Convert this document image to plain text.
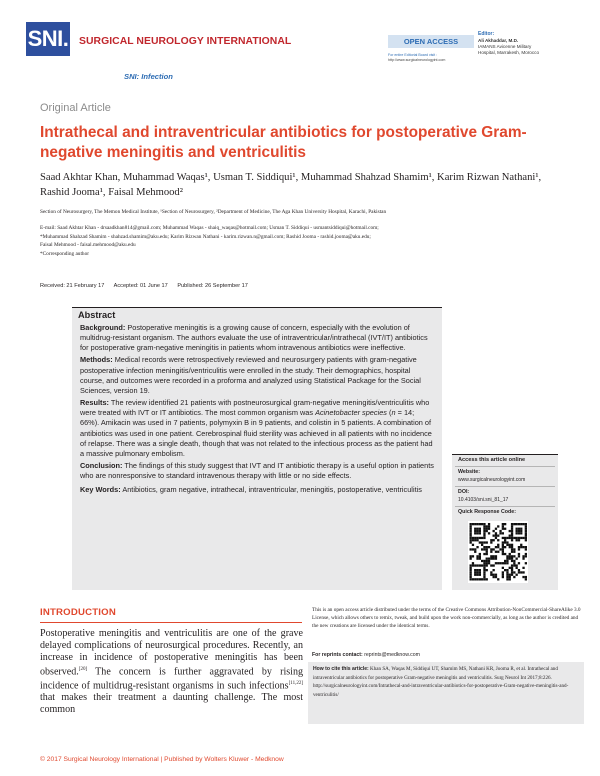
SNI. SURGICAL NEUROLOGY INTERNATIONAL	OPEN ACCESS
For entire Editorial Board visit :
http://www.surgicalneurologyint.com
Editor:
Ali Akhaddar, M.D.
IAMANS Avicenne Military
Hospital, Marrakesh, Morocco
SNI: Infection
Original Article
Intrathecal and intraventricular antibiotics for postoperative Gram-negative meningitis and ventriculitis
Saad Akhtar Khan, Muhammad Waqas¹, Usman T. Siddiqui¹, Muhammad Shahzad Shamim¹, Karim Rizwan Nathani¹, Rashid Jooma¹, Faisal Mehmood²
Section of Neurosurgery, The Memon Medical Institute, ¹Section of Neurosurgery, ²Department of Medicine, The Aga Khan University Hospital, Karachi, Pakistan
E-mail: Saad Akhtar Khan - drsaadkhan814@gmail.com; Muhammad Waqas - shaiq_waqas@hotmail.com; Usman T. Siddiqui - usmantsiddiqui@hotmail.com;
*Muhammad Shahzad Shamim - shahzad.shamim@aku.edu; Karim Rizwan Nathani - karim.rizwan.n@gmail.com; Rashid Jooma - rashid.jooma@aku.edu;
Faisal Mehmood - faisal.mehmood@aku.edu
*Corresponding author
Received: 21 February 17 Accepted: 01 June 17 Published: 26 September 17
Abstract

Background: Postoperative meningitis is a growing cause of concern, especially with the evolution of multidrug-resistant organism. The authors evaluate the use of intraventricular/intrathecal (IVT/IT) antibiotics for postoperative gram-negative meningitis in patients whom intravenous antibiotics were ineffective.

Methods: Medical records were retrospectively reviewed and neurosurgery patients with gram-negative postoperative infection meningitis/ventriculitis were enrolled in the study. Their demographics, hospital course, and outcomes were recorded in a proforma and analyzed using Statistical Package for the Social Sciences, version 19.

Results: The review identified 21 patients with postneurosurgical gram-negative meningitis/ventriculitis who were treated with IVT or IT antibiotics. The most common organism was Acinetobacter species (n = 14; 66%). Amikacin was used in 7 patients, polymyxin B in 9 patients, and colistin in 5 patients. A combination of antibiotics was used in one patient. Cerebrospinal fluid sterility was achieved in all patients with no incidence of relapse. There was a single death, though that was not related to the infectious process as the patient had a massive pulmonary embolism.

Conclusion: The findings of this study suggest that IVT and IT antibiotic therapy is a useful option in patients who are nonresponsive to standard intravenous therapy with little or no side effects.

Key Words: Antibiotics, gram negative, intrathecal, intraventricular, meningitis, postoperative, ventriculitis

Access this article online
Website:
www.surgicalneurologyint.com
DOI:
10.4103/sni.sni_81_17
Quick Response Code:
INTRODUCTION
Postoperative meningitis and ventriculitis are one of the grave delayed complications of neurosurgical procedures. Recently, an increase in incidence of postoperative meningitis has been observed.[20] The concern is further aggravated by rising incidence of multidrug-resistant organisms in such infections[11,22] that makes their treatment a daunting challenge. The most common
This is an open access article distributed under the terms of the Creative Commons Attribution-NonCommercial-ShareAlike 3.0 License, which allows others to remix, tweak, and build upon the work non-commercially, as long as the author is credited and the new creations are licensed under the identical terms.
For reprints contact: reprints@medknow.com
How to cite this article: Khan SA, Waqas M, Siddiqui UT, Shamim MS, Nathani KR, Jooma R, et al. Intrathecal and intraventricular antibiotics for postoperative Gram-negative meningitis and ventriculitis. Surg Neurol Int 2017;8:226. http://surgicalneurologyint.com/Intrathecal-and-intraventricular-antibiotics-for-postoperative-Gram-negative-meningitis-and-ventriculitis/
© 2017 Surgical Neurology International | Published by Wolters Kluwer - Medknow
